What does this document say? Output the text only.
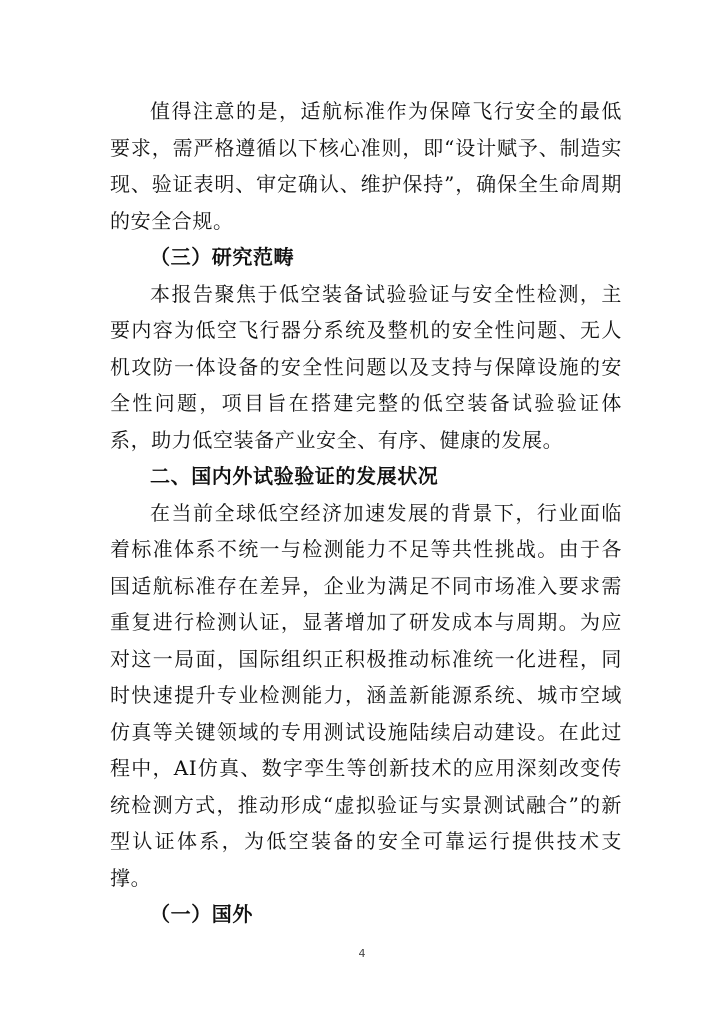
值得注意的是，适航标准作为保障飞行安全的最低要求，需严格遵循以下核心准则，即“设计赋予、制造实现、验证表明、审定确认、维护保持”，确保全生命周期的安全合规。

（三）研究范畴

本报告聚焦于低空装备试验验证与安全性检测，主要内容为低空飞行器分系统及整机的安全性问题、无人机攻防一体设备的安全性问题以及支持与保障设施的安全性问题，项目旨在搭建完整的低空装备试验验证体系，助力低空装备产业安全、有序、健康的发展。

二、国内外试验验证的发展状况

在当前全球低空经济加速发展的背景下，行业面临着标准体系不统一与检测能力不足等共性挑战。由于各国适航标准存在差异，企业为满足不同市场准入要求需重复进行检测认证，显著增加了研发成本与周期。为应对这一局面，国际组织正积极推动标准统一化进程，同时快速提升专业检测能力，涵盖新能源系统、城市空域仿真等关键领域的专用测试设施陆续启动建设。在此过程中，AI仿真、数字孪生等创新技术的应用深刻改变传统检测方式，推动形成“虚拟验证与实景测试融合”的新型认证体系，为低空装备的安全可靠运行提供技术支撑。

（一）国外

4
